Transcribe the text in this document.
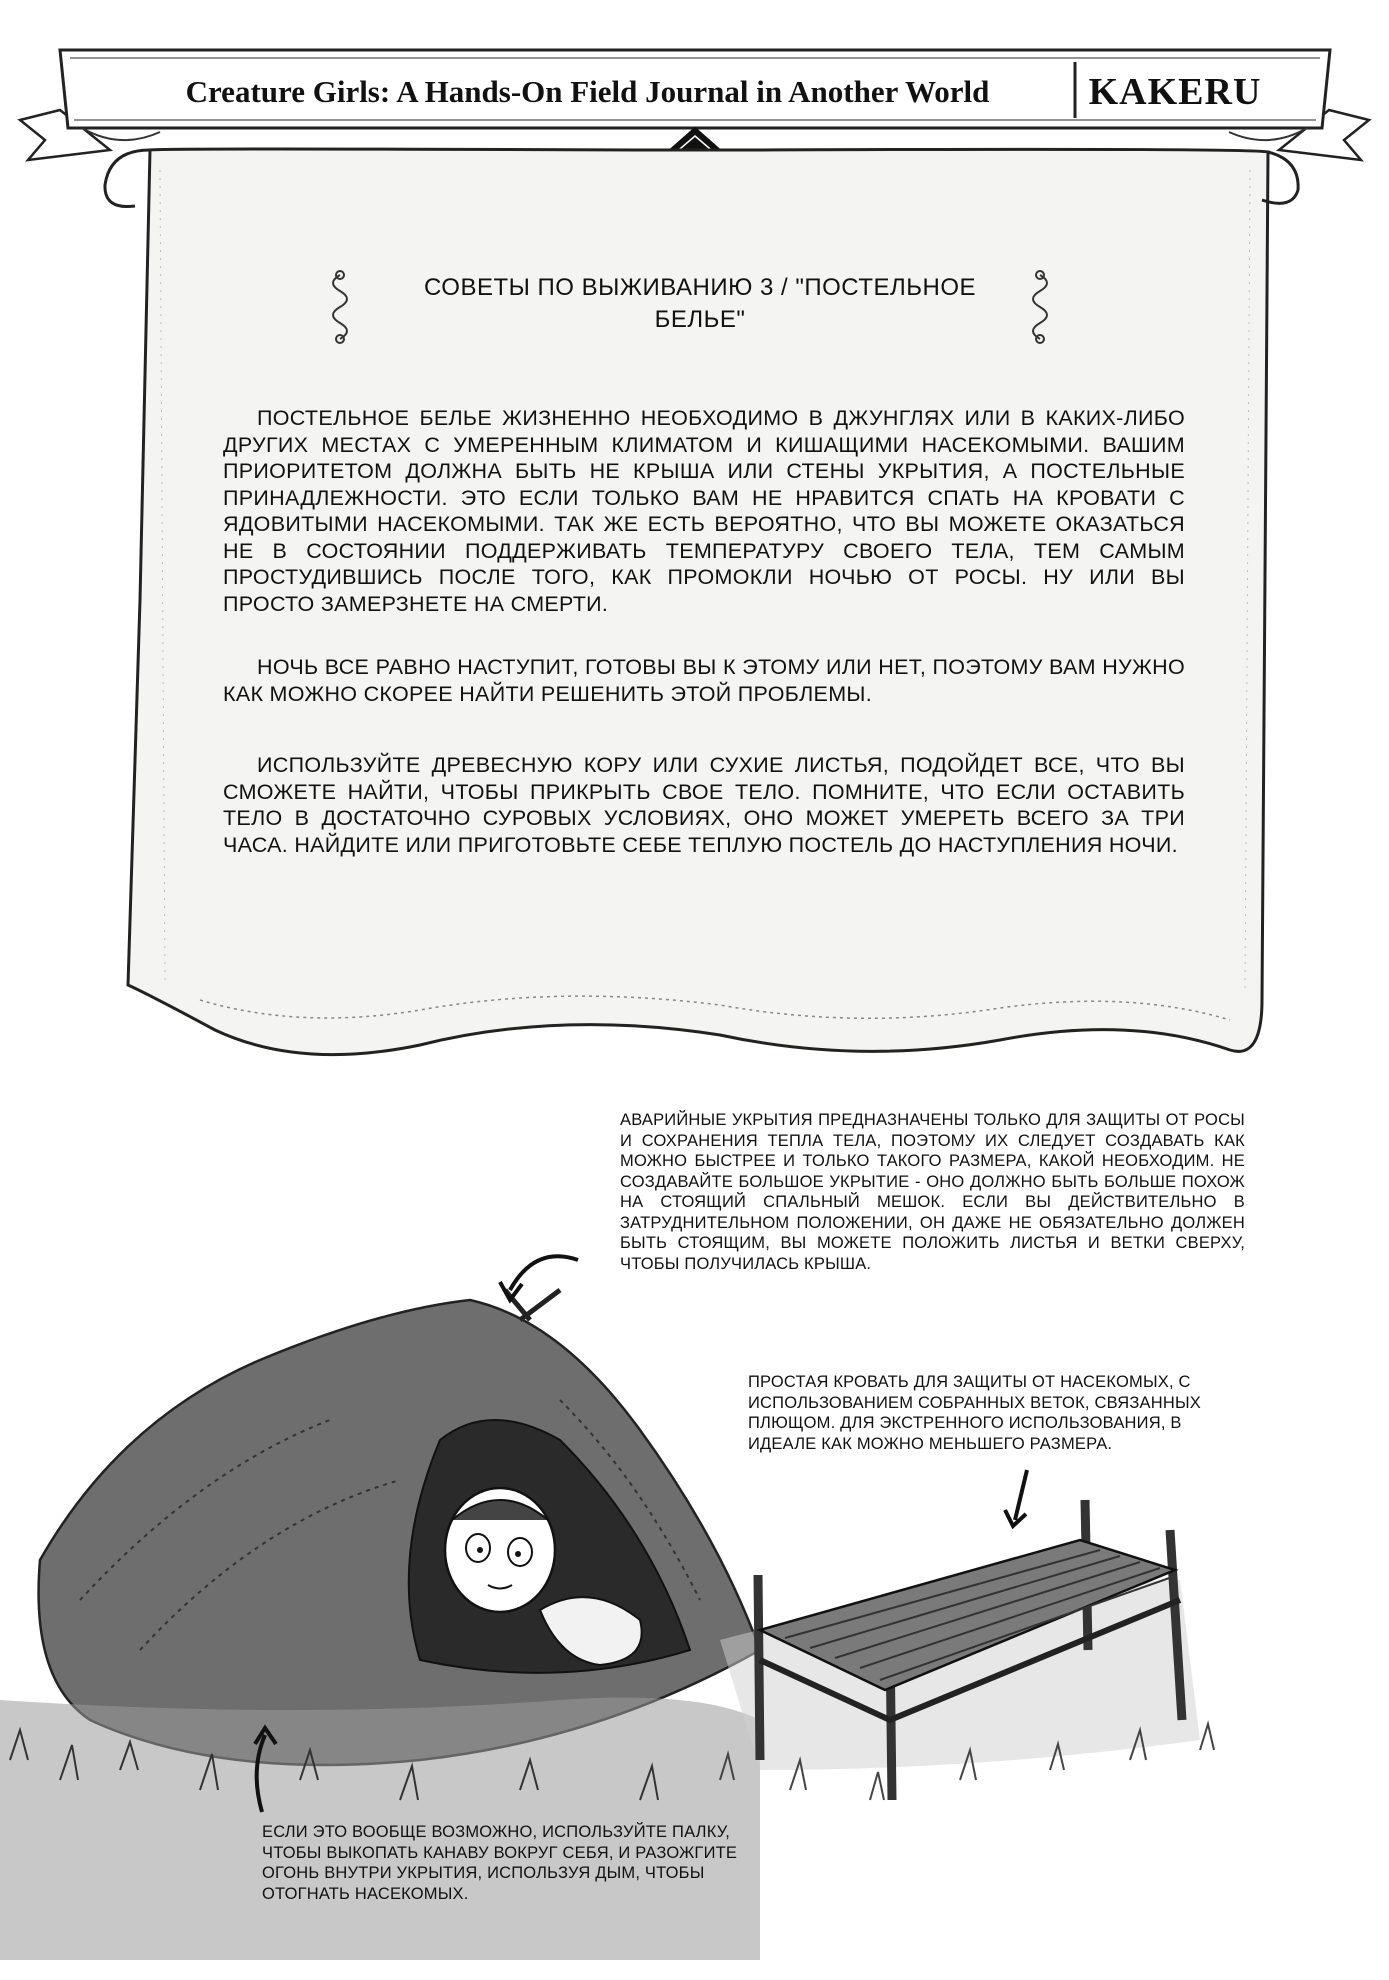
Creature Girls: A Hands-On Field Journal in Another World	KAKERU
СОВЕТЫ ПО ВЫЖИВАНИЮ 3 / "ПОСТЕЛЬНОЕ БЕЛЬЕ"
ПОСТЕЛЬНОЕ БЕЛЬЕ ЖИЗНЕННО НЕОБХОДИМО В ДЖУНГЛЯХ ИЛИ В КАКИХ-ЛИБО ДРУГИХ МЕСТАХ С УМЕРЕННЫМ КЛИМАТОМ И КИШАЩИМИ НАСЕКОМЫМИ. ВАШИМ ПРИОРИТЕТОМ ДОЛЖНА БЫТЬ НЕ КРЫША ИЛИ СТЕНЫ УКРЫТИЯ, А ПОСТЕЛЬНЫЕ ПРИНАДЛЕЖНОСТИ. ЭТО ЕСЛИ ТОЛЬКО ВАМ НЕ НРАВИТСЯ СПАТЬ НА КРОВАТИ С ЯДОВИТЫМИ НАСЕКОМЫМИ. ТАК ЖЕ ЕСТЬ ВЕРОЯТНО, ЧТО ВЫ МОЖЕТЕ ОКАЗАТЬСЯ НЕ В СОСТОЯНИИ ПОДДЕРЖИВАТЬ ТЕМПЕРАТУРУ СВОЕГО ТЕЛА, ТЕМ САМЫМ ПРОСТУДИВШИСЬ ПОСЛЕ ТОГО, КАК ПРОМОКЛИ НОЧЬЮ ОТ РОСЫ. НУ ИЛИ ВЫ ПРОСТО ЗАМЕРЗНЕТЕ НА СМЕРТИ.
НОЧЬ ВСЕ РАВНО НАСТУПИТ, ГОТОВЫ ВЫ К ЭТОМУ ИЛИ НЕТ, ПОЭТОМУ ВАМ НУЖНО КАК МОЖНО СКОРЕЕ НАЙТИ РЕШЕНИТЬ ЭТОЙ ПРОБЛЕМЫ.
ИСПОЛЬЗУЙТЕ ДРЕВЕСНУЮ КОРУ ИЛИ СУХИЕ ЛИСТЬЯ, ПОДОЙДЕТ ВСЕ, ЧТО ВЫ СМОЖЕТЕ НАЙТИ, ЧТОБЫ ПРИКРЫТЬ СВОЕ ТЕЛО. ПОМНИТЕ, ЧТО ЕСЛИ ОСТАВИТЬ ТЕЛО В ДОСТАТОЧНО СУРОВЫХ УСЛОВИЯХ, ОНО МОЖЕТ УМЕРЕТЬ ВСЕГО ЗА ТРИ ЧАСА. НАЙДИТЕ ИЛИ ПРИГОТОВЬТЕ СЕБЕ ТЕПЛУЮ ПОСТЕЛЬ ДО НАСТУПЛЕНИЯ НОЧИ.
АВАРИЙНЫЕ УКРЫТИЯ ПРЕДНАЗНАЧЕНЫ ТОЛЬКО ДЛЯ ЗАЩИТЫ ОТ РОСЫ И СОХРАНЕНИЯ ТЕПЛА ТЕЛА, ПОЭТОМУ ИХ СЛЕДУЕТ СОЗДАВАТЬ КАК МОЖНО БЫСТРЕЕ И ТОЛЬКО ТАКОГО РАЗМЕРА, КАКОЙ НЕОБХОДИМ. НЕ СОЗДАВАЙТЕ БОЛЬШОЕ УКРЫТИЕ - ОНО ДОЛЖНО БЫТЬ БОЛЬШЕ ПОХОЖ НА СТОЯЩИЙ СПАЛЬНЫЙ МЕШОК. ЕСЛИ ВЫ ДЕЙСТВИТЕЛЬНО В ЗАТРУДНИТЕЛЬНОМ ПОЛОЖЕНИИ, ОН ДАЖЕ НЕ ОБЯЗАТЕЛЬНО ДОЛЖЕН БЫТЬ СТОЯЩИМ, ВЫ МОЖЕТЕ ПОЛОЖИТЬ ЛИСТЬЯ И ВЕТКИ СВЕРХУ, ЧТОБЫ ПОЛУЧИЛАСЬ КРЫША.
ПРОСТАЯ КРОВАТЬ ДЛЯ ЗАЩИТЫ ОТ НАСЕКОМЫХ, С ИСПОЛЬЗОВАНИЕМ СОБРАННЫХ ВЕТОК, СВЯЗАННЫХ ПЛЮЩОМ. ДЛЯ ЭКСТРЕННОГО ИСПОЛЬЗОВАНИЯ, В ИДЕАЛЕ КАК МОЖНО МЕНЬШЕГО РАЗМЕРА.
ЕСЛИ ЭТО ВООБЩЕ ВОЗМОЖНО, ИСПОЛЬЗУЙТЕ ПАЛКУ, ЧТОБЫ ВЫКОПАТЬ КАНАВУ ВОКРУГ СЕБЯ, И РАЗОЖГИТЕ ОГОНЬ ВНУТРИ УКРЫТИЯ, ИСПОЛЬЗУЯ ДЫМ, ЧТОБЫ ОТОГНАТЬ НАСЕКОМЫХ.
